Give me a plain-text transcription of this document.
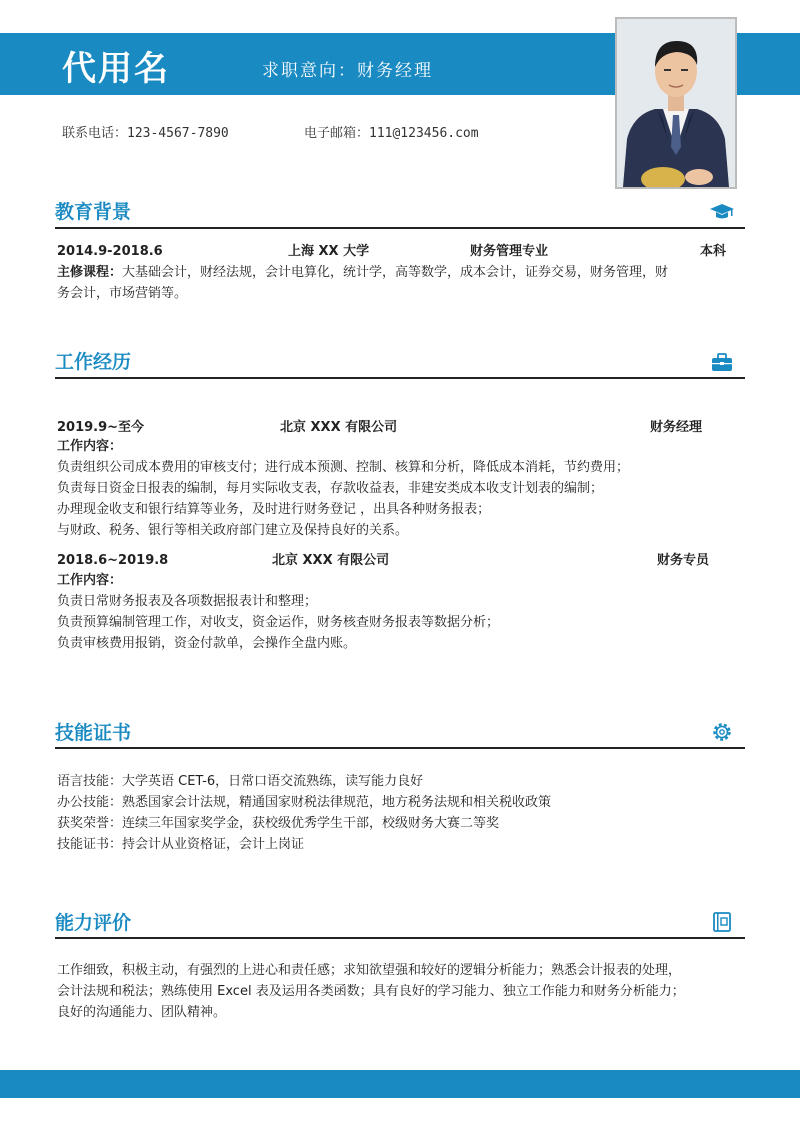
代用名	求职意向：财务经理
联系电话：123-4567-7890	电子邮箱：111@123456.com
教育背景
2014.9-2018.6	上海 XX 大学	财务管理专业	本科
主修课程：大基础会计，财经法规，会计电算化，统计学，高等数学，成本会计，证券交易，财务管理，财
务会计，市场营销等。
工作经历
2019.9~至今	北京 XXX 有限公司	财务经理
工作内容：
负责组织公司成本费用的审核支付；进行成本预测、控制、核算和分析，降低成本消耗，节约费用；
负责每日资金日报表的编制，每月实际收支表，存款收益表，非建安类成本收支计划表的编制；
办理现金收支和银行结算等业务，及时进行财务登记 ，出具各种财务报表；
与财政、税务、银行等相关政府部门建立及保持良好的关系。
2018.6~2019.8	北京 XXX 有限公司	财务专员
工作内容：
负责日常财务报表及各项数据报表计和整理；
负责预算编制管理工作，对收支，资金运作，财务核查财务报表等数据分析；
负责审核费用报销，资金付款单，会操作全盘内账。
技能证书
语言技能：大学英语 CET-6，日常口语交流熟练，读写能力良好
办公技能：熟悉国家会计法规，精通国家财税法律规范，地方税务法规和相关税收政策
获奖荣誉：连续三年国家奖学金，获校级优秀学生干部，校级财务大赛二等奖
技能证书：持会计从业资格证，会计上岗证
能力评价
工作细致，积极主动，有强烈的上进心和责任感；求知欲望强和较好的逻辑分析能力；熟悉会计报表的处理，
会计法规和税法；熟练使用 Excel 表及运用各类函数；具有良好的学习能力、独立工作能力和财务分析能力；
良好的沟通能力、团队精神。
